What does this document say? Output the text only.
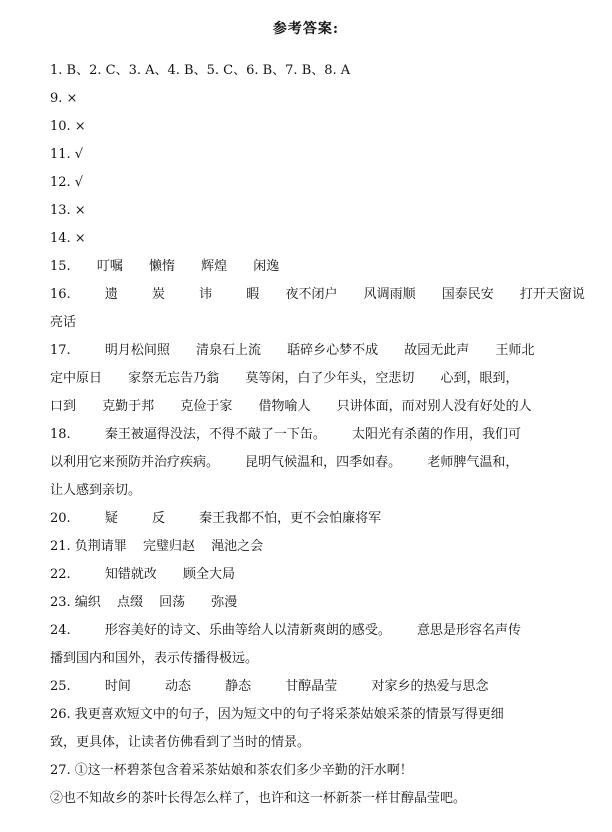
参考答案:
1. B、2. C、3. A、4. B、5. C、6. B、7. B、8. A
9. ×
10. ×
11. √
12. √
13. ×
14. ×
15. 叮嘱 懒惰 辉煌 闲逸
16.	遗	炭	讳	暇 夜不闭户 风调雨顺 国泰民安 打开天窗说
亮话
17.	明月松间照 清泉石上流 聒碎乡心梦不成 故园无此声 王师北
定中原日 家祭无忘告乃翁 莫等闲，白了少年头，空悲切 心到，眼到，
口到 克勤于邦 克俭于家 借物喻人 只讲体面，而对别人没有好处的人
18.	秦王被逼得没法，不得不敲了一下缶。 太阳光有杀菌的作用，我们可
以利用它来预防并治疗疾病。 昆明气候温和，四季如春。 老师脾气温和，
让人感到亲切。
20.	疑	反	秦王我都不怕，更不会怕廉将军
21. 负荆请罪 完璧归赵 渑池之会
22.	知错就改 顾全大局
23. 编织 点缀 回荡 弥漫
24.	形容美好的诗文、乐曲等给人以清新爽朗的感受。 意思是形容名声传
播到国内和国外，表示传播得极远。
25.	时间	动态	静态	甘醇晶莹	对家乡的热爱与思念
26. 我更喜欢短文中的句子，因为短文中的句子将采茶姑娘采茶的情景写得更细
致，更具体，让读者仿佛看到了当时的情景。
27. ①这一杯碧茶包含着采茶姑娘和茶农们多少辛勤的汗水啊！
②也不知故乡的茶叶长得怎么样了，也许和这一杯新茶一样甘醇晶莹吧。
